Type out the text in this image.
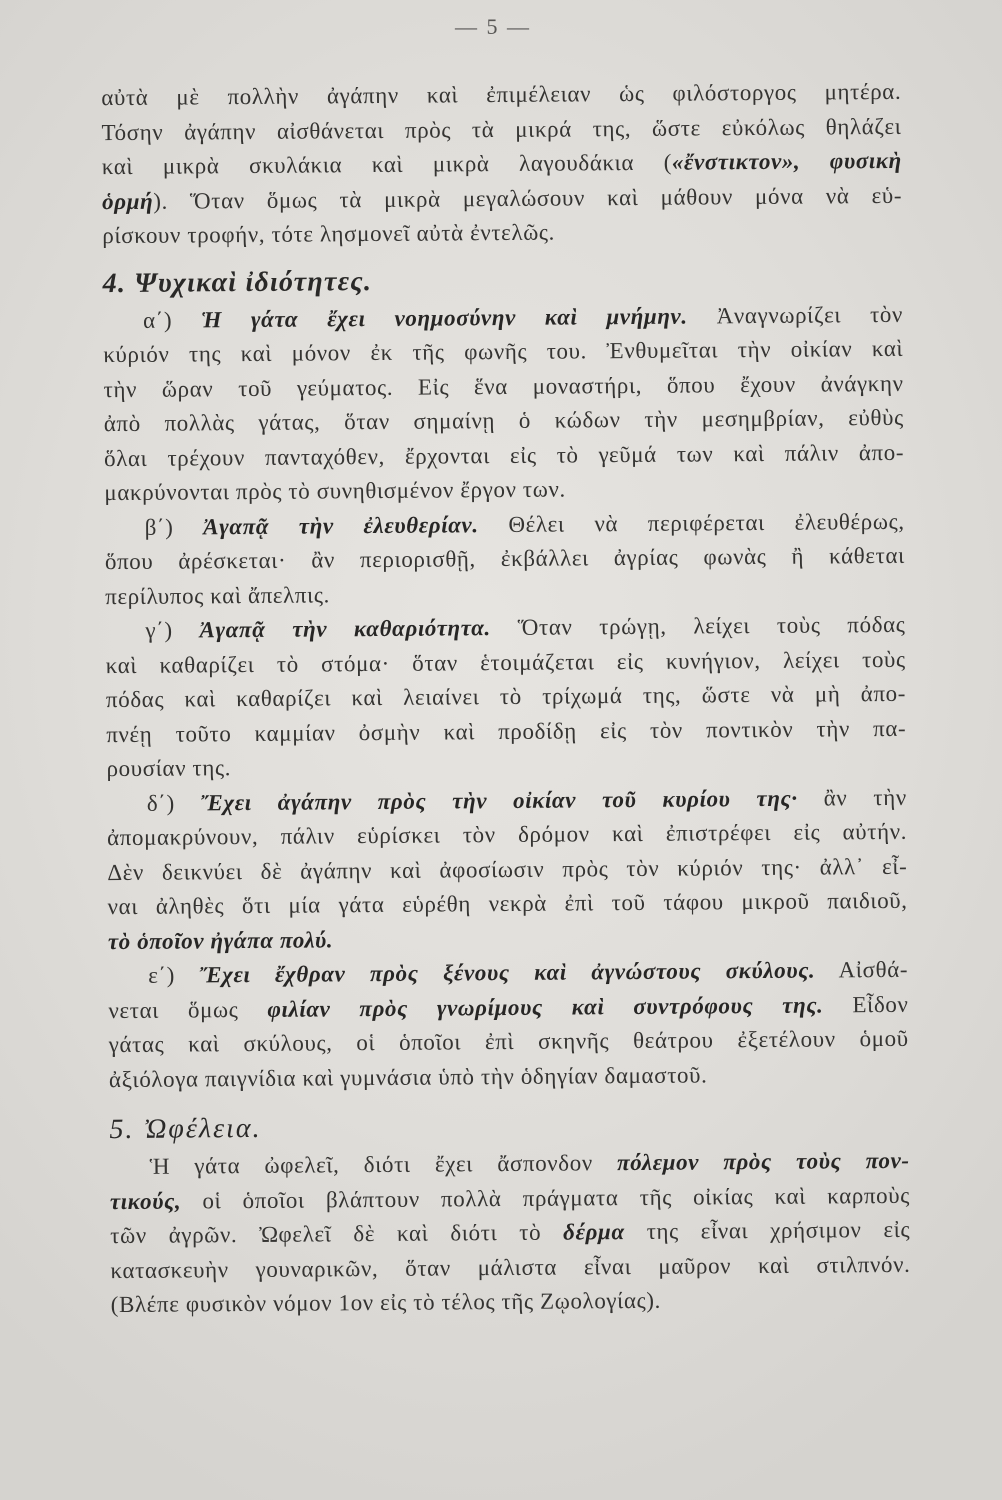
— 5 —
αὐτὰ μὲ πολλὴν ἀγάπην καὶ ἐπιμέλειαν ὡς φιλόστοργος μητέρα.
Τόσην ἀγάπην αἰσθάνεται πρὸς τὰ μικρά της, ὥστε εὐκόλως θηλάζει
καὶ μικρὰ σκυλάκια καὶ μικρὰ λαγουδάκια («ἔνστικτον», φυσικὴ
ὁρμή). Ὅταν ὅμως τὰ μικρὰ μεγαλώσουν καὶ μάθουν μόνα νὰ εὑ-
ρίσκουν τροφήν, τότε λησμονεῖ αὐτὰ ἐντελῶς.
4. Ψυχικαὶ ἰδιότητες.
α΄) Ἡ γάτα ἔχει νοημοσύνην καὶ μνήμην. Ἀναγνωρίζει τὸν
κύριόν της καὶ μόνον ἐκ τῆς φωνῆς του. Ἐνθυμεῖται τὴν οἰκίαν καὶ
τὴν ὥραν τοῦ γεύματος. Εἰς ἕνα μοναστήρι, ὅπου ἔχουν ἀνάγκην
ἀπὸ πολλὰς γάτας, ὅταν σημαίνῃ ὁ κώδων τὴν μεσημβρίαν, εὐθὺς
ὅλαι τρέχουν πανταχόθεν, ἔρχονται εἰς τὸ γεῦμά των καὶ πάλιν ἀπο-
μακρύνονται πρὸς τὸ συνηθισμένον ἔργον των.
β΄) Ἀγαπᾷ τὴν ἐλευθερίαν. Θέλει νὰ περιφέρεται ἐλευθέρως,
ὅπου ἀρέσκεται· ἂν περιορισθῇ, ἐκβάλλει ἀγρίας φωνὰς ἢ κάθεται
περίλυπος καὶ ἄπελπις.
γ΄) Ἀγαπᾷ τὴν καθαριότητα. Ὅταν τρώγῃ, λείχει τοὺς πόδας
καὶ καθαρίζει τὸ στόμα· ὅταν ἑτοιμάζεται εἰς κυνήγιον, λείχει τοὺς
πόδας καὶ καθαρίζει καὶ λειαίνει τὸ τρίχωμά της, ὥστε νὰ μὴ ἀπο-
πνέῃ τοῦτο καμμίαν ὀσμὴν καὶ προδίδῃ εἰς τὸν ποντικὸν τὴν πα-
ρουσίαν της.
δ΄) Ἔχει ἀγάπην πρὸς τὴν οἰκίαν τοῦ κυρίου της· ἂν τὴν
ἀπομακρύνουν, πάλιν εὑρίσκει τὸν δρόμον καὶ ἐπιστρέφει εἰς αὐτήν.
Δὲν δεικνύει δὲ ἀγάπην καὶ ἀφοσίωσιν πρὸς τὸν κύριόν της· ἀλλ᾽ εἶ-
ναι ἀληθὲς ὅτι μία γάτα εὑρέθη νεκρὰ ἐπὶ τοῦ τάφου μικροῦ παιδιοῦ,
τὸ ὁποῖον ἠγάπα πολύ.
ε΄) Ἔχει ἔχθραν πρὸς ξένους καὶ ἀγνώστους σκύλους. Αἰσθά-
νεται ὅμως φιλίαν πρὸς γνωρίμους καὶ συντρόφους της. Εἶδον
γάτας καὶ σκύλους, οἱ ὁποῖοι ἐπὶ σκηνῆς θεάτρου ἐξετέλουν ὁμοῦ
ἀξιόλογα παιγνίδια καὶ γυμνάσια ὑπὸ τὴν ὁδηγίαν δαμαστοῦ.
5. Ὠφέλεια.
Ἡ γάτα ὠφελεῖ, διότι ἔχει ἄσπονδον πόλεμον πρὸς τοὺς πον-
τικούς, οἱ ὁποῖοι βλάπτουν πολλὰ πράγματα τῆς οἰκίας καὶ καρποὺς
τῶν ἀγρῶν. Ὠφελεῖ δὲ καὶ διότι τὸ δέρμα της εἶναι χρήσιμον εἰς
κατασκευὴν γουναρικῶν, ὅταν μάλιστα εἶναι μαῦρον καὶ στιλπνόν.
(Βλέπε φυσικὸν νόμον 1ον εἰς τὸ τέλος τῆς Ζῳολογίας).
